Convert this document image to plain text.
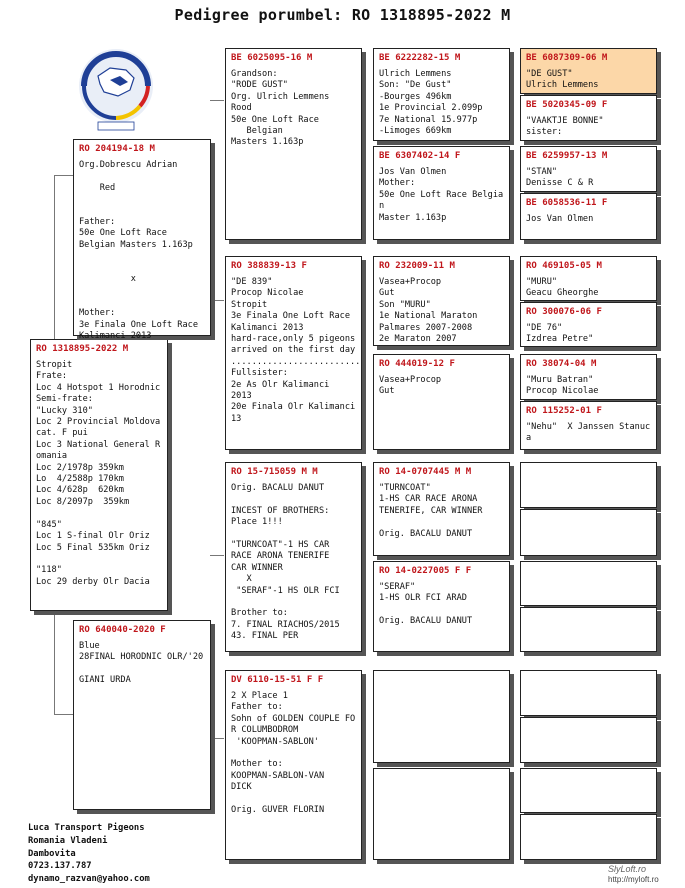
Pedigree porumbel: RO 1318895-2022 M
RO 1318895-2022 M
Stropit
Frate:
Loc 4 Hotspot 1 Horodnic
Semi-frate:
"Lucky 310"
Loc 2 Provincial Moldova
cat. F pui
Loc 3 National General R
omania
Loc 2/1978p 359km
Lo  4/2588p 170km
Loc 4/628p  620km
Loc 8/2097p  359km

"845"
Loc 1 S-final Olr Oriz
Loc 5 Final 535km Oriz

"118"
Loc 29 derby Olr Dacia
RO 204194-18 M
Org.Dobrescu Adrian

Red

Father:
50e One Loft Race
Belgian Masters 1.163p

x

Mother:
3e Finala One Loft Race
Kalimanci 2013
RO 640040-2020 F
Blue
28FINAL HORODNIC OLR/'20

GIANI URDA
BE 6025095-16 M
Grandson:
"RODE GUST"
Org. Ulrich Lemmens
Rood
50e One Loft Race
Belgian
Masters 1.163p
RO 388839-13 F
"DE 839"
Procop Nicolae
Stropit
3e Finala One Loft Race
Kalimanci 2013
hard-race,only 5 pigeons
arrived on the first day
.........................
Fullsister:
2e As Olr Kalimanci
2013
20e Finala Olr Kalimanci
13
RO 15-715059 M M
Orig. BACALU DANUT

INCEST OF BROTHERS:
Place 1!!!

"TURNCOAT"-1 HS CAR
RACE ARONA TENERIFE
CAR WINNER
X
"SERAF"-1 HS OLR FCI

Brother to:
7. FINAL RIACHOS/2015
43. FINAL PER
DV 6110-15-51 F F
2 X Place 1
Father to:
Sohn of GOLDEN COUPLE FO
R COLUMBODROM
'KOOPMAN-SABLON'

Mother to:
KOOPMAN-SABLON-VAN
DICK

Orig. GUVER FLORIN
BE 6222282-15 M
Ulrich Lemmens
Son: "De Gust"
-Bourges 496km
1e Provincial 2.099p
7e National 15.977p
-Limoges 669km
BE 6307402-14 F
Jos Van Olmen
Mother:
50e One Loft Race Belgia
n
Master 1.163p
RO 232009-11 M
Vasea+Procop
Gut
Son "MURU"
1e National Maraton
Palmares 2007-2008
2e Maraton 2007
RO 444019-12 F
Vasea+Procop
Gut
RO 14-0707445 M M
"TURNCOAT"
1-HS CAR RACE ARONA
TENERIFE, CAR WINNER

Orig. BACALU DANUT
RO 14-0227005 F F
"SERAF"
1-HS OLR FCI ARAD

Orig. BACALU DANUT
BE 6087309-06 M
"DE GUST"
Ulrich Lemmens
BE 5020345-09 F
"VAAKTJE BONNE"
sister:
BE 6259957-13 M
"STAN"
Denisse C & R
BE 6058536-11 F
Jos Van Olmen
RO 469105-05 M
"MURU"
Geacu Gheorghe
RO 300076-06 F
"DE 76"
Izdrea Petre"
RO 38074-04 M
"Muru Batran"
Procop Nicolae
RO 115252-01 F
"Nehu"  X Janssen Stanuc
a
Luca Transport Pigeons
Romania Vladeni
Dambovita
0723.137.787
dynamo_razvan@yahoo.com
SlyLoft.ro
http://myloft.ro
